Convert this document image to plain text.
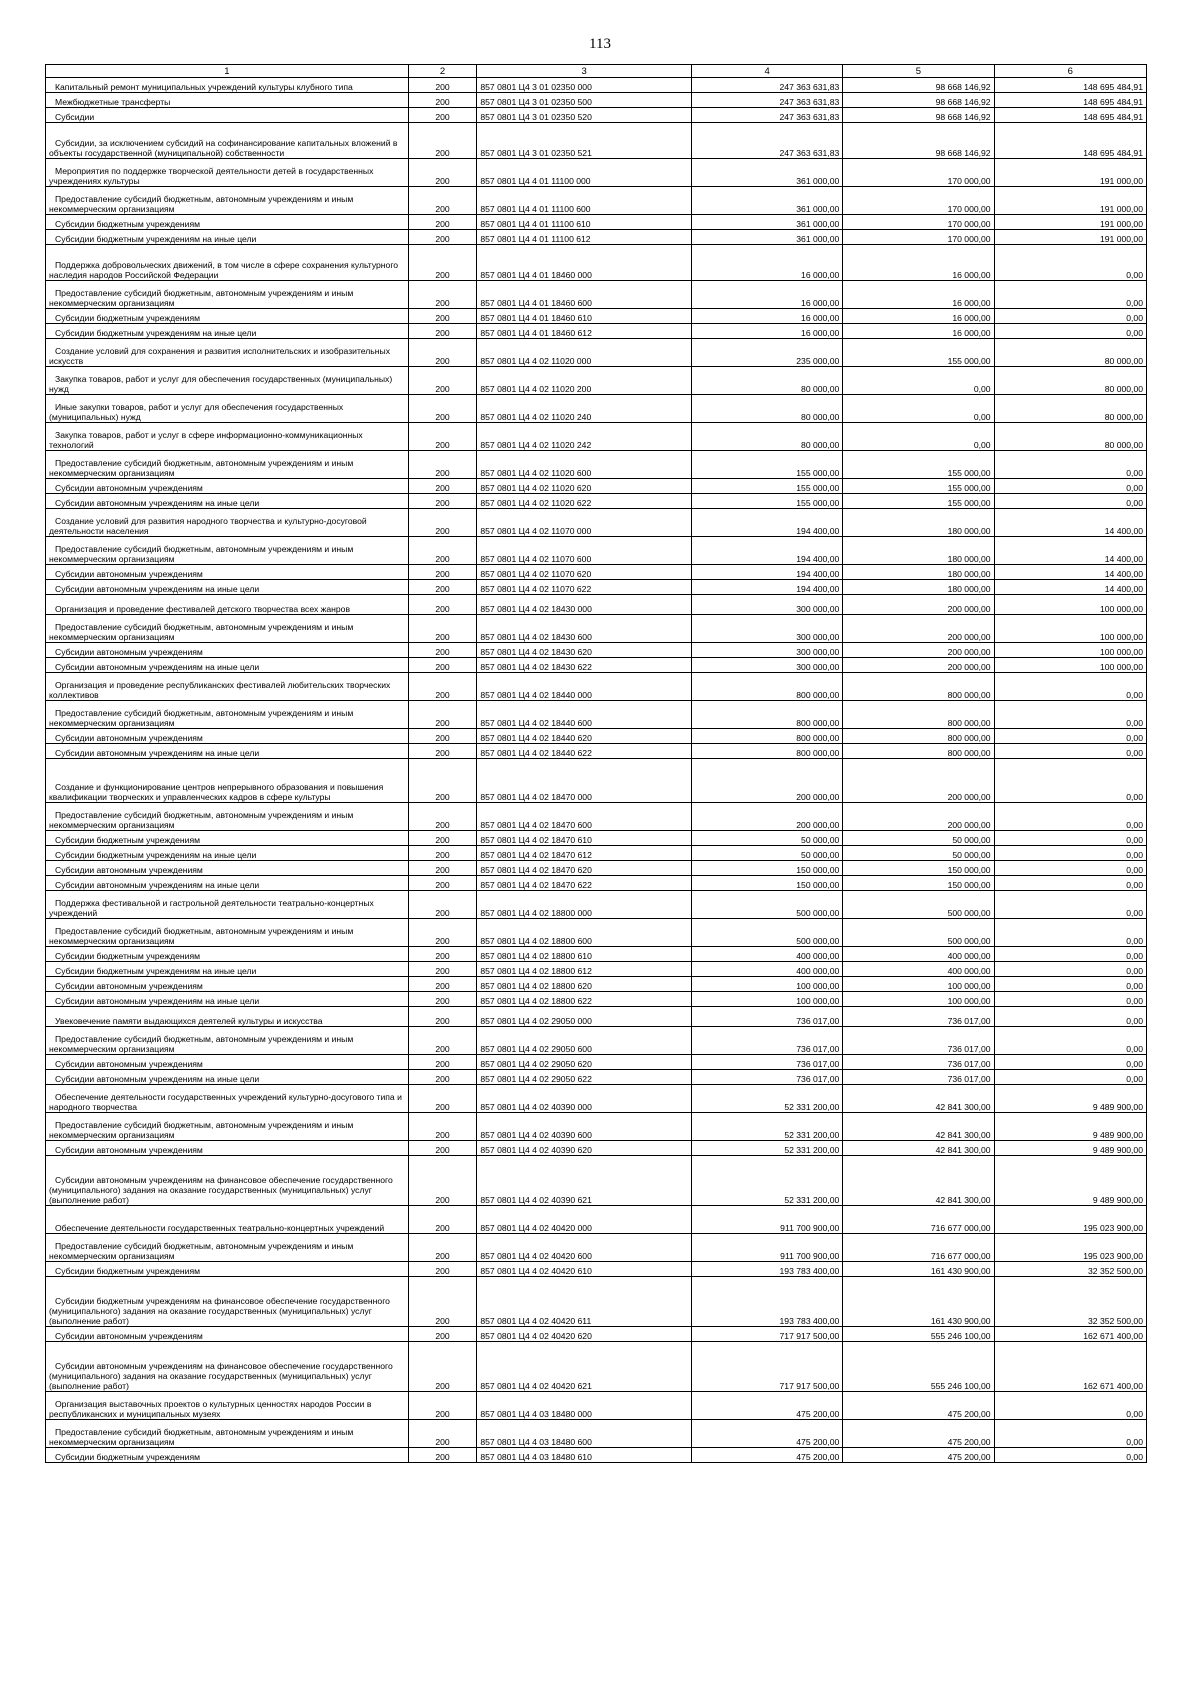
113
1	2	3	4	5	6

Капитальный ремонт муниципальных учреждений культуры клубного типа	200	857 0801 Ц4 3 01 02350 000	247 363 631,83	98 668 146,92	148 695 484,91

Межбюджетные трансферты	200	857 0801 Ц4 3 01 02350 500	247 363 631,83	98 668 146,92	148 695 484,91

Субсидии	200	857 0801 Ц4 3 01 02350 520	247 363 631,83	98 668 146,92	148 695 484,91

Субсидии, за исключением субсидий на софинансирование капитальных вложений в объекты государственной (муниципальной) собственности	200	857 0801 Ц4 3 01 02350 521	247 363 631,83	98 668 146,92	148 695 484,91

Мероприятия по поддержке творческой деятельности детей в государственных учреждениях культуры	200	857 0801 Ц4 4 01 11100 000	361 000,00	170 000,00	191 000,00

Предоставление субсидий бюджетным, автономным учреждениям и иным некоммерческим организациям	200	857 0801 Ц4 4 01 11100 600	361 000,00	170 000,00	191 000,00

Субсидии бюджетным учреждениям	200	857 0801 Ц4 4 01 11100 610	361 000,00	170 000,00	191 000,00

Субсидии бюджетным учреждениям на иные цели	200	857 0801 Ц4 4 01 11100 612	361 000,00	170 000,00	191 000,00

Поддержка добровольческих движений, в том числе в сфере сохранения культурного наследия народов Российской Федерации	200	857 0801 Ц4 4 01 18460 000	16 000,00	16 000,00	0,00

Предоставление субсидий бюджетным, автономным учреждениям и иным некоммерческим организациям	200	857 0801 Ц4 4 01 18460 600	16 000,00	16 000,00	0,00

Субсидии бюджетным учреждениям	200	857 0801 Ц4 4 01 18460 610	16 000,00	16 000,00	0,00

Субсидии бюджетным учреждениям на иные цели	200	857 0801 Ц4 4 01 18460 612	16 000,00	16 000,00	0,00

Создание условий для сохранения и развития исполнительских и изобразительных искусств	200	857 0801 Ц4 4 02 11020 000	235 000,00	155 000,00	80 000,00

Закупка товаров, работ и услуг для обеспечения государственных (муниципальных) нужд	200	857 0801 Ц4 4 02 11020 200	80 000,00	0,00	80 000,00

Иные закупки товаров, работ и услуг для обеспечения государственных (муниципальных) нужд	200	857 0801 Ц4 4 02 11020 240	80 000,00	0,00	80 000,00

Закупка товаров, работ и услуг в сфере информационно-коммуникационных технологий	200	857 0801 Ц4 4 02 11020 242	80 000,00	0,00	80 000,00

Предоставление субсидий бюджетным, автономным учреждениям и иным некоммерческим организациям	200	857 0801 Ц4 4 02 11020 600	155 000,00	155 000,00	0,00

Субсидии автономным учреждениям	200	857 0801 Ц4 4 02 11020 620	155 000,00	155 000,00	0,00

Субсидии автономным учреждениям на иные цели	200	857 0801 Ц4 4 02 11020 622	155 000,00	155 000,00	0,00

Создание условий для развития народного творчества и культурно-досуговой деятельности населения	200	857 0801 Ц4 4 02 11070 000	194 400,00	180 000,00	14 400,00

Предоставление субсидий бюджетным, автономным учреждениям и иным некоммерческим организациям	200	857 0801 Ц4 4 02 11070 600	194 400,00	180 000,00	14 400,00

Субсидии автономным учреждениям	200	857 0801 Ц4 4 02 11070 620	194 400,00	180 000,00	14 400,00

Субсидии автономным учреждениям на иные цели	200	857 0801 Ц4 4 02 11070 622	194 400,00	180 000,00	14 400,00

Организация и проведение фестивалей детского творчества всех жанров	200	857 0801 Ц4 4 02 18430 000	300 000,00	200 000,00	100 000,00

Предоставление субсидий бюджетным, автономным учреждениям и иным некоммерческим организациям	200	857 0801 Ц4 4 02 18430 600	300 000,00	200 000,00	100 000,00

Субсидии автономным учреждениям	200	857 0801 Ц4 4 02 18430 620	300 000,00	200 000,00	100 000,00

Субсидии автономным учреждениям на иные цели	200	857 0801 Ц4 4 02 18430 622	300 000,00	200 000,00	100 000,00

Организация и проведение республиканских фестивалей любительских творческих коллективов	200	857 0801 Ц4 4 02 18440 000	800 000,00	800 000,00	0,00

Предоставление субсидий бюджетным, автономным учреждениям и иным некоммерческим организациям	200	857 0801 Ц4 4 02 18440 600	800 000,00	800 000,00	0,00

Субсидии автономным учреждениям	200	857 0801 Ц4 4 02 18440 620	800 000,00	800 000,00	0,00

Субсидии автономным учреждениям на иные цели	200	857 0801 Ц4 4 02 18440 622	800 000,00	800 000,00	0,00

Создание и функционирование центров непрерывного образования и повышения квалификации творческих и управленческих кадров в сфере культуры	200	857 0801 Ц4 4 02 18470 000	200 000,00	200 000,00	0,00

Предоставление субсидий бюджетным, автономным учреждениям и иным некоммерческим организациям	200	857 0801 Ц4 4 02 18470 600	200 000,00	200 000,00	0,00

Субсидии бюджетным учреждениям	200	857 0801 Ц4 4 02 18470 610	50 000,00	50 000,00	0,00

Субсидии бюджетным учреждениям на иные цели	200	857 0801 Ц4 4 02 18470 612	50 000,00	50 000,00	0,00

Субсидии автономным учреждениям	200	857 0801 Ц4 4 02 18470 620	150 000,00	150 000,00	0,00

Субсидии автономным учреждениям на иные цели	200	857 0801 Ц4 4 02 18470 622	150 000,00	150 000,00	0,00

Поддержка фестивальной и гастрольной деятельности театрально-концертных учреждений	200	857 0801 Ц4 4 02 18800 000	500 000,00	500 000,00	0,00

Предоставление субсидий бюджетным, автономным учреждениям и иным некоммерческим организациям	200	857 0801 Ц4 4 02 18800 600	500 000,00	500 000,00	0,00

Субсидии бюджетным учреждениям	200	857 0801 Ц4 4 02 18800 610	400 000,00	400 000,00	0,00

Субсидии бюджетным учреждениям на иные цели	200	857 0801 Ц4 4 02 18800 612	400 000,00	400 000,00	0,00

Субсидии автономным учреждениям	200	857 0801 Ц4 4 02 18800 620	100 000,00	100 000,00	0,00

Субсидии автономным учреждениям на иные цели	200	857 0801 Ц4 4 02 18800 622	100 000,00	100 000,00	0,00

Увековечение памяти выдающихся деятелей культуры и искусства	200	857 0801 Ц4 4 02 29050 000	736 017,00	736 017,00	0,00

Предоставление субсидий бюджетным, автономным учреждениям и иным некоммерческим организациям	200	857 0801 Ц4 4 02 29050 600	736 017,00	736 017,00	0,00

Субсидии автономным учреждениям	200	857 0801 Ц4 4 02 29050 620	736 017,00	736 017,00	0,00

Субсидии автономным учреждениям на иные цели	200	857 0801 Ц4 4 02 29050 622	736 017,00	736 017,00	0,00

Обеспечение деятельности государственных учреждений культурно-досугового типа и народного творчества	200	857 0801 Ц4 4 02 40390 000	52 331 200,00	42 841 300,00	9 489 900,00

Предоставление субсидий бюджетным, автономным учреждениям и иным некоммерческим организациям	200	857 0801 Ц4 4 02 40390 600	52 331 200,00	42 841 300,00	9 489 900,00

Субсидии автономным учреждениям	200	857 0801 Ц4 4 02 40390 620	52 331 200,00	42 841 300,00	9 489 900,00

Субсидии автономным учреждениям на финансовое обеспечение государственного (муниципального) задания на оказание государственных (муниципальных) услуг (выполнение работ)	200	857 0801 Ц4 4 02 40390 621	52 331 200,00	42 841 300,00	9 489 900,00

Обеспечение деятельности государственных театрально-концертных учреждений	200	857 0801 Ц4 4 02 40420 000	911 700 900,00	716 677 000,00	195 023 900,00

Предоставление субсидий бюджетным, автономным учреждениям и иным некоммерческим организациям	200	857 0801 Ц4 4 02 40420 600	911 700 900,00	716 677 000,00	195 023 900,00

Субсидии бюджетным учреждениям	200	857 0801 Ц4 4 02 40420 610	193 783 400,00	161 430 900,00	32 352 500,00

Субсидии бюджетным учреждениям на финансовое обеспечение государственного (муниципального) задания на оказание государственных (муниципальных) услуг (выполнение работ)	200	857 0801 Ц4 4 02 40420 611	193 783 400,00	161 430 900,00	32 352 500,00

Субсидии автономным учреждениям	200	857 0801 Ц4 4 02 40420 620	717 917 500,00	555 246 100,00	162 671 400,00

Субсидии автономным учреждениям на финансовое обеспечение государственного (муниципального) задания на оказание государственных (муниципальных) услуг (выполнение работ)	200	857 0801 Ц4 4 02 40420 621	717 917 500,00	555 246 100,00	162 671 400,00

Организация выставочных проектов о культурных ценностях народов России в республиканских и муниципальных музеях	200	857 0801 Ц4 4 03 18480 000	475 200,00	475 200,00	0,00

Предоставление субсидий бюджетным, автономным учреждениям и иным некоммерческим организациям	200	857 0801 Ц4 4 03 18480 600	475 200,00	475 200,00	0,00

Субсидии бюджетным учреждениям	200	857 0801 Ц4 4 03 18480 610	475 200,00	475 200,00	0,00
